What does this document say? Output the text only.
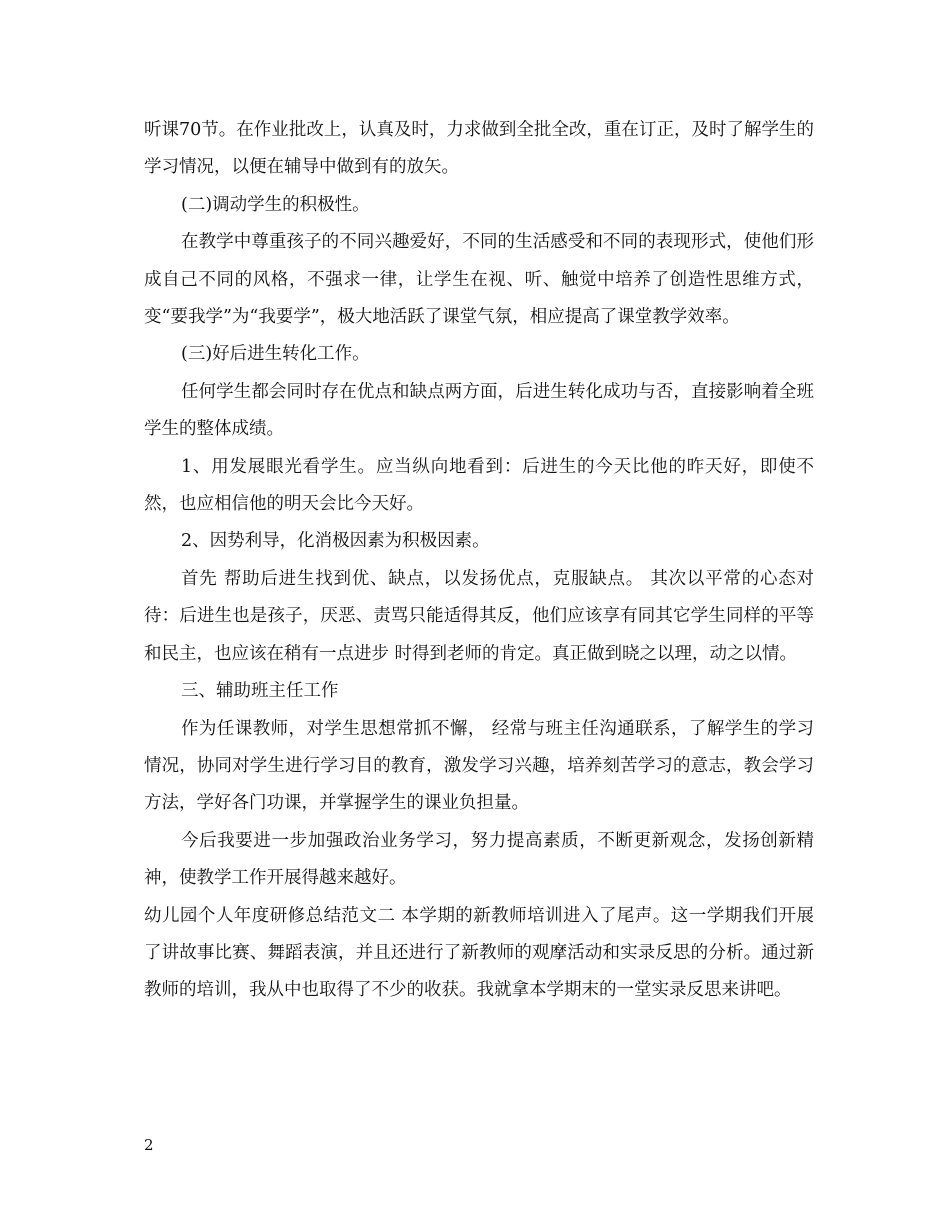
听课70节。在作业批改上，认真及时，力求做到全批全改，重在订正，及时了解学生的学习情况，以便在辅导中做到有的放矢。

(二)调动学生的积极性。

在教学中尊重孩子的不同兴趣爱好，不同的生活感受和不同的表现形式，使他们形成自己不同的风格，不强求一律，让学生在视、听、触觉中培养了创造性思维方式，变“要我学”为“我要学”，极大地活跃了课堂气氛，相应提高了课堂教学效率。

(三)好后进生转化工作。

任何学生都会同时存在优点和缺点两方面，后进生转化成功与否，直接影响着全班学生的整体成绩。

1、用发展眼光看学生。应当纵向地看到：后进生的今天比他的昨天好，即使不然，也应相信他的明天会比今天好。

2、因势利导，化消极因素为积极因素。

首先 帮助后进生找到优、缺点，以发扬优点，克服缺点。 其次以平常的心态对待：后进生也是孩子，厌恶、责骂只能适得其反，他们应该享有同其它学生同样的平等和民主，也应该在稍有一点进步 时得到老师的肯定。真正做到晓之以理，动之以情。

三、辅助班主任工作

作为任课教师，对学生思想常抓不懈， 经常与班主任沟通联系，了解学生的学习情况，协同对学生进行学习目的教育，激发学习兴趣，培养刻苦学习的意志，教会学习方法，学好各门功课，并掌握学生的课业负担量。

今后我要进一步加强政治业务学习，努力提高素质，不断更新观念，发扬创新精神，使教学工作开展得越来越好。

幼儿园个人年度研修总结范文二 本学期的新教师培训进入了尾声。这一学期我们开展了讲故事比赛、舞蹈表演，并且还进行了新教师的观摩活动和实录反思的分析。通过新教师的培训，我从中也取得了不少的收获。我就拿本学期末的一堂实录反思来讲吧。

2
